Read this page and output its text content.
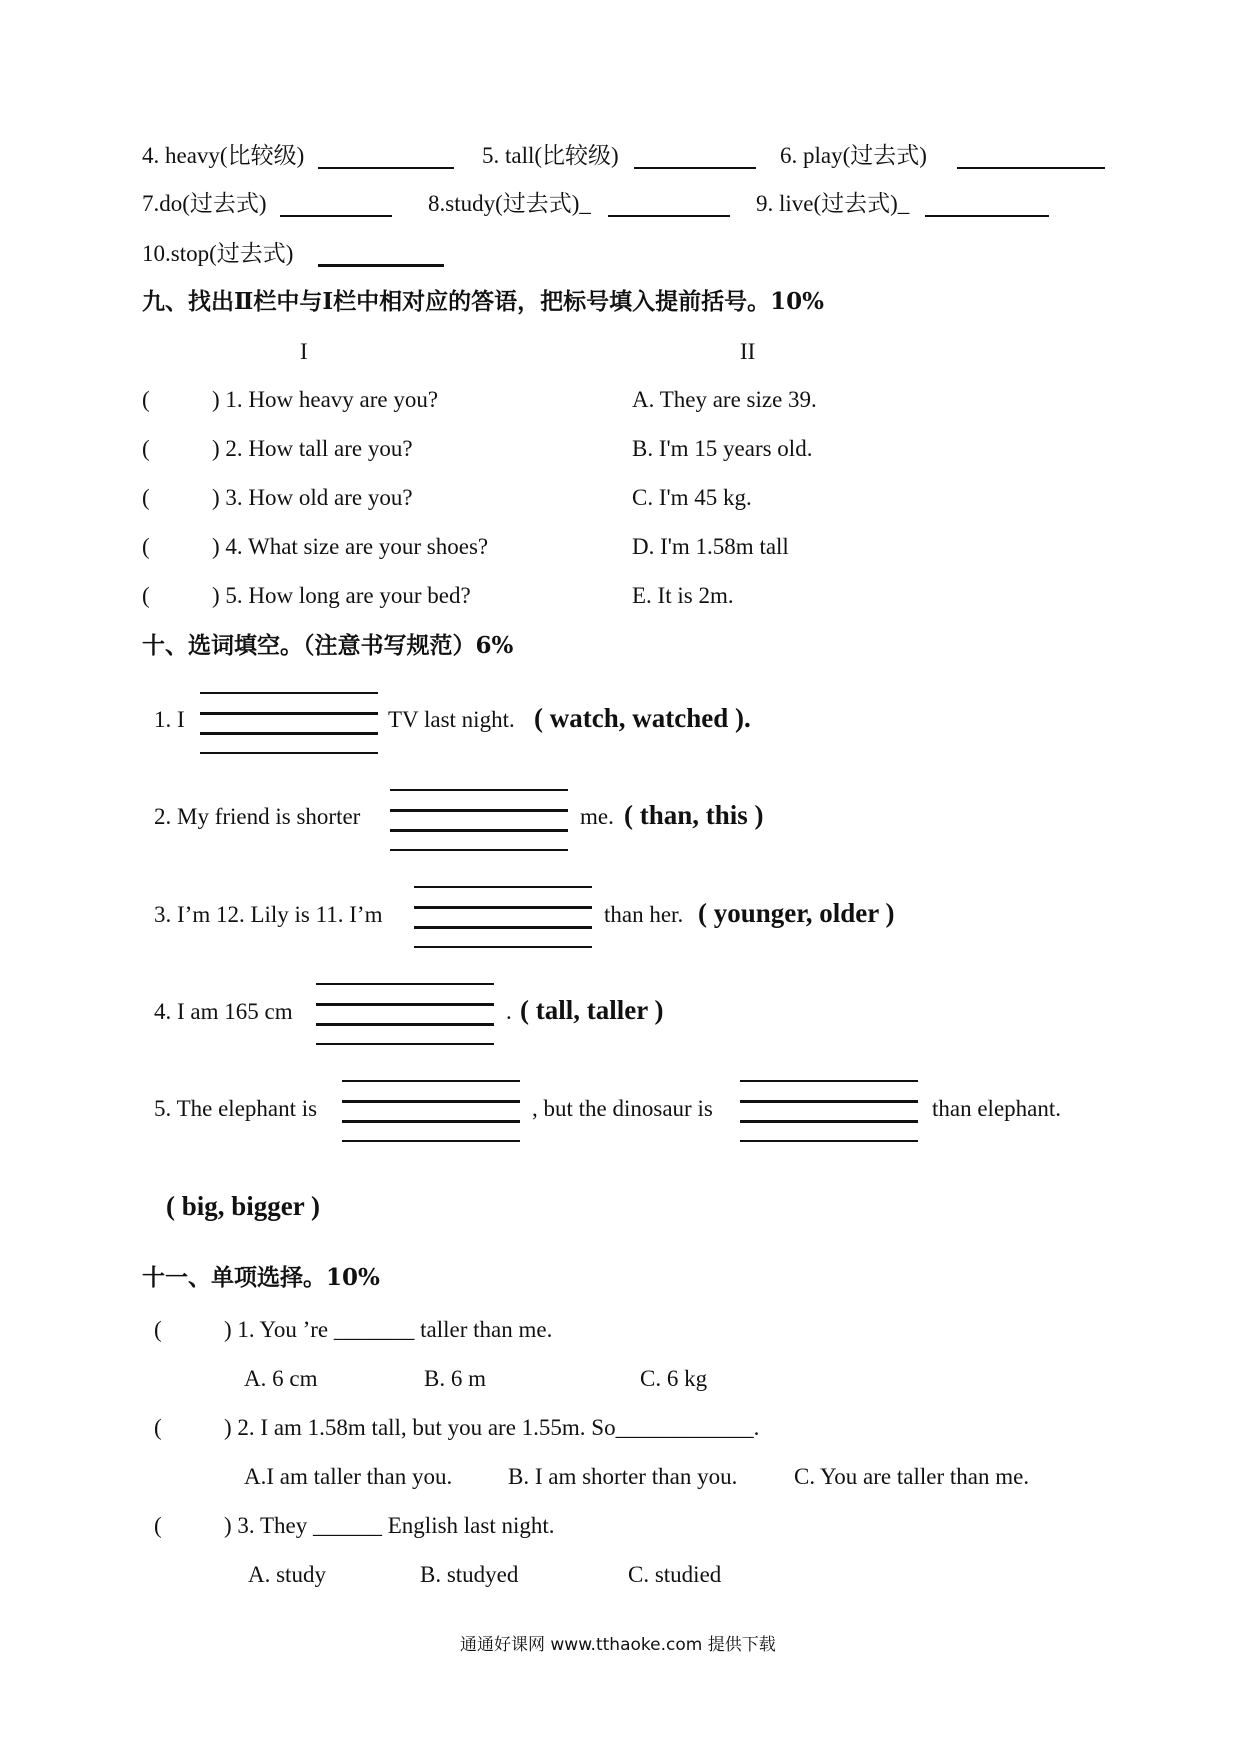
4. heavy(比较级)	5. tall(比较级)	6. play(过去式)
7.do(过去式)	8.study(过去式)_	9. live(过去式)_
10.stop(过去式)
九、找出Ⅱ栏中与Ⅰ栏中相对应的答语，把标号填入提前括号。10%
I	II
(	) 1. How heavy are you?	A. They are size 39.
(	) 2. How tall are you?	B. I'm 15 years old.
(	) 3. How old are you?	C. I'm 45 kg.
(	) 4. What size are your shoes?	D. I'm 1.58m tall
(	) 5. How long are your bed?	E. It is 2m.
十、选词填空。（注意书写规范）6%
1. I	TV last night. ( watch, watched ).
2. My friend is shorter	me. ( than, this )
3. I’m 12. Lily is 11. I’m	than her. ( younger, older )
4. I am 165 cm	. ( tall, taller )
5. The elephant is	, but the dinosaur is	than elephant.
( big, bigger )
十一、单项选择。10%
(	) 1. You ’re _______ taller than me.
A. 6 cm	B. 6 m	C. 6 kg
(	) 2. I am 1.58m tall, but you are 1.55m. So____________.
A.I am taller than you. B. I am shorter than you. C. You are taller than me.
(	) 3. They ______ English last night.
A. study	B. studyed	C. studied
通通好课网 www.tthaoke.com 提供下载
